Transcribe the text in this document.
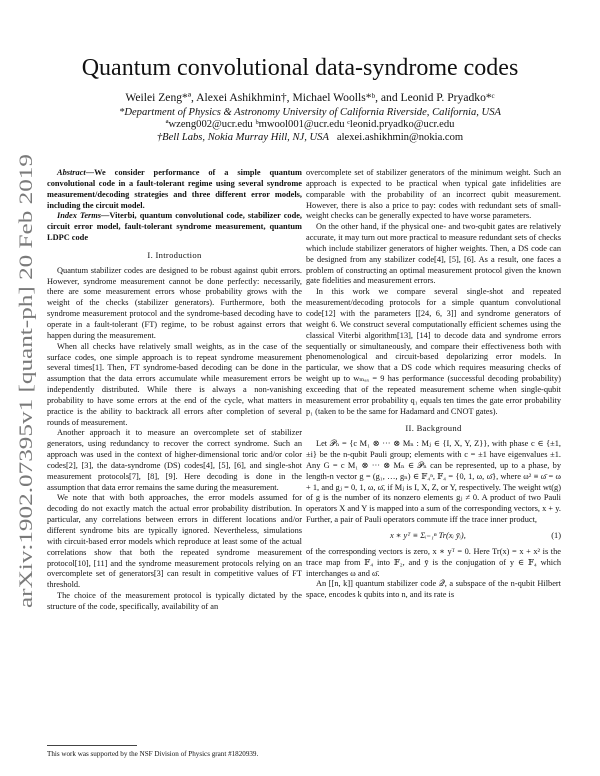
arXiv:1902.07395v1 [quant-ph] 20 Feb 2019
Quantum convolutional data-syndrome codes
Weilei Zeng*ª, Alexei Ashikhmin†, Michael Woolls*ᵇ, and Leonid P. Pryadko*ᶜ
*Department of Physics & Astronomy University of California Riverside, California, USA
ªwzeng002@ucr.edu ᵇmwool001@ucr.edu ᶜleonid.pryadko@ucr.edu
†Bell Labs, Nokia Murray Hill, NJ, USA alexei.ashikhmin@nokia.com

Abstract—We consider performance of a simple quantum convolutional code in a fault-tolerant regime using several syndrome measurement/decoding strategies and three different error models, including the circuit model.

Index Terms—Viterbi, quantum convolutional code, stabilizer code, circuit error model, fault-tolerant syndrome measurement, quantum LDPC code

I. Introduction

Quantum stabilizer codes are designed to be robust against qubit errors. However, syndrome measurement cannot be done perfectly: necessarily, there are some measurement errors whose probability grows with the weight of the checks (stabilizer generators). Furthermore, both the syndrome measurement protocol and the syndrome-based decoding have to operate in a fault-tolerant (FT) regime, to be robust against errors that happen during the measurement.

When all checks have relatively small weights, as in the case of the surface codes, one simple approach is to repeat syndrome measurement several times[1]. Then, FT syndrome-based decoding can be done in the assumption that the data errors accumulate while measurement errors be independently distributed. While there is always a non-vanishing probability to have some errors at the end of the cycle, what matters in practice is the ability to backtrack all errors after completion of several rounds of measurement.

Another approach it to measure an overcomplete set of stabilizer generators, using redundancy to recover the correct syndrome. Such an approach was used in the context of higher-dimensional toric and/or color codes[2], [3], the data-syndrome (DS) codes[4], [5], [6], and single-shot measurement protocols[7], [8], [9]. Here decoding is done in the assumption that data error remains the same during the measurement.

We note that with both approaches, the error models assumed for decoding do not exactly match the actual error probability distribution. In particular, any correlations between errors in different locations and/or different syndrome bits are typically ignored. Nevertheless, simulations with circuit-based error models which reproduce at least some of the actual correlations show that both the repeated syndrome measurement protocol[10], [11] and the syndrome measurement protocols relying on an overcomplete set of generators[3] can result in competitive values of FT threshold.

The choice of the measurement protocol is typically dictated by the structure of the code, specifically, availability of an

This work was supported by the NSF Division of Physics grant #1820939.

overcomplete set of stabilizer generators of the minimum weight. Such an approach is expected to be practical when typical gate infidelities are comparable with the probability of an incorrect qubit measurement. However, there is also a price to pay: codes with redundant sets of small-weight checks can be generally expected to have worse parameters.

On the other hand, if the physical one- and two-qubit gates are relatively accurate, it may turn out more practical to measure redundant sets of checks which include stabilizer generators of higher weights. Then, a DS code can be designed from any stabilizer code[4], [5], [6]. As a result, one faces a problem of constructing an optimal measurement protocol given the known gate fidelities and measurement errors.

In this work we compare several single-shot and repeated measurement/decoding protocols for a simple quantum convolutional code[12] with the parameters [[24, 6, 3]] and syndrome generators of weight 6. We construct several computationally efficient schemes using the classical Viterbi algorithm[13], [14] to decode data and syndrome errors sequentially or simultaneously, and compare their effectiveness both with phenomenological and circuit-based depolarizing error models. In particular, we show that a DS code which requires measuring checks of weight up to wₘₐₓ = 9 has performance (successful decoding probability) exceeding that of the repeated measurement scheme when single-qubit measurement error probability q₁ equals ten times the gate error probability p₁ (taken to be the same for Hadamard and CNOT gates).

II. Background

Let 𝒫ₙ = {c M₁ ⊗ ··· ⊗ Mₙ : Mⱼ ∈ {I, X, Y, Z}}, with phase c ∈ {±1, ±i} be the n-qubit Pauli group; elements with c = ±1 have eigenvalues ±1. Any G = c M₁ ⊗ ··· ⊗ Mₙ ∈ 𝒫ₙ can be represented, up to a phase, by length-n vector g = (g₁, …, gₙ) ∈ 𝔽₄ⁿ, 𝔽₄ = {0, 1, ω, ω̄}, where ω² ≡ ω̄ = ω + 1, and gⱼ = 0, 1, ω, ω̄, if Mⱼ is I, X, Z, or Y, respectively. The weight wt(g) of g is the number of its nonzero elements gⱼ ≠ 0. A product of two Pauli operators X and Y is mapped into a sum of the corresponding vectors, x + y. Further, a pair of Pauli operators commute iff the trace inner product,

x ∗ yᵀ ≡ Σᵢ₌₁ⁿ Tr(xᵢ ȳᵢ),	(1)

of the corresponding vectors is zero, x ∗ yᵀ = 0. Here Tr(x) = x + x² is the trace map from 𝔽₄ into 𝔽₂, and ȳ is the conjugation of y ∈ 𝔽₄ which interchanges ω and ω̄.

An [[n, k]] quantum stabilizer code 𝒬, a subspace of the n-qubit Hilbert space, encodes k qubits into n, and its rate is
